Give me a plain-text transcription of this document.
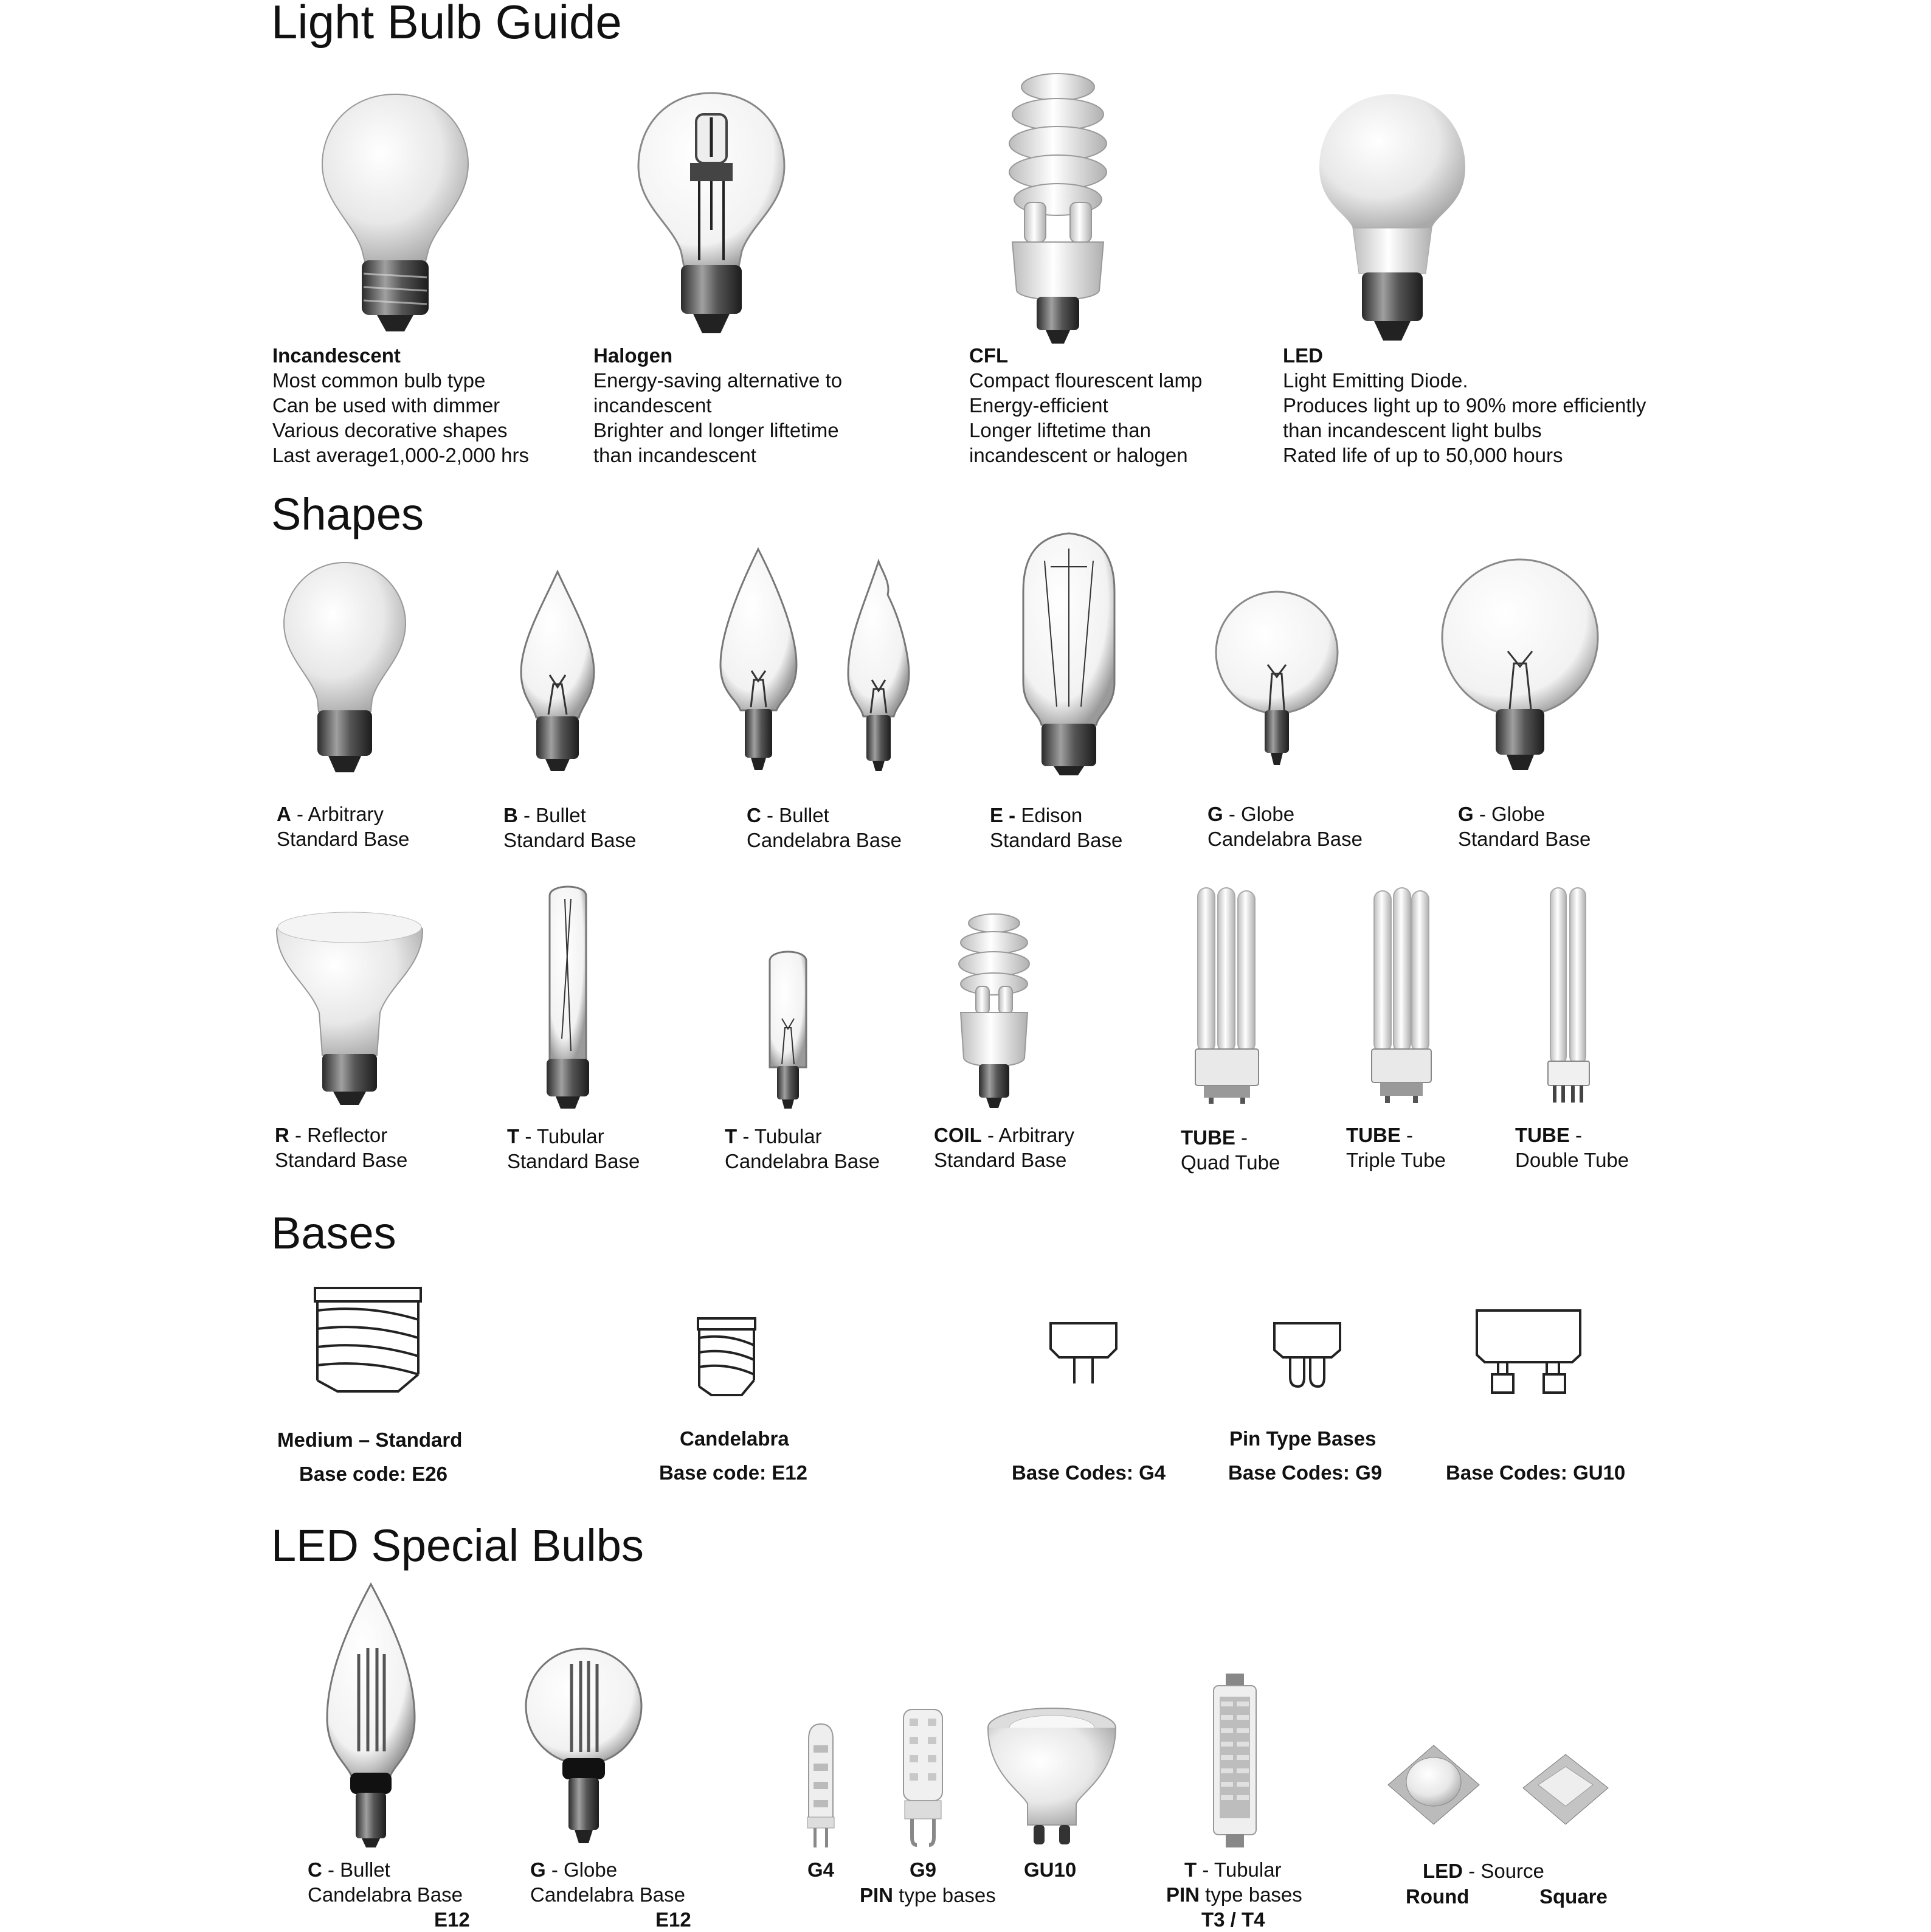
Light Bulb Guide
Incandescent
Most common bulb type
Can be used with dimmer
Various decorative shapes
Last average1,000-2,000 hrs
Halogen
Energy-saving alternative to
incandescent
Brighter and longer liftetime
than incandescent
CFL
Compact flourescent lamp
Energy-efficient
Longer liftetime than
incandescent or halogen
LED
Light Emitting Diode.
Produces light up to 90% more efficiently
than incandescent light bulbs
Rated life of up to 50,000 hours
Shapes
A - Arbitrary
Standard Base
B - Bullet
Standard Base
C - Bullet
Candelabra Base
E - Edison
Standard Base
G - Globe
Candelabra Base
G - Globe
Standard Base
R - Reflector
Standard Base
T - Tubular
Standard Base
T - Tubular
Candelabra Base
COIL - Arbitrary
Standard Base
TUBE -
Quad Tube
TUBE -
Triple Tube
TUBE -
Double Tube
Bases
Medium – Standard
Base code: E26
Candelabra
Base code: E12
Pin Type Bases
Base Codes: G4	Base Codes: G9	Base Codes: GU10
LED Special Bulbs
C - Bullet
Candelabra Base
E12
G - Globe
Candelabra Base
E12
G4	G9	GU10
PIN type bases
T - Tubular
PIN type bases
T3 / T4
LED - Source
Round	Square
